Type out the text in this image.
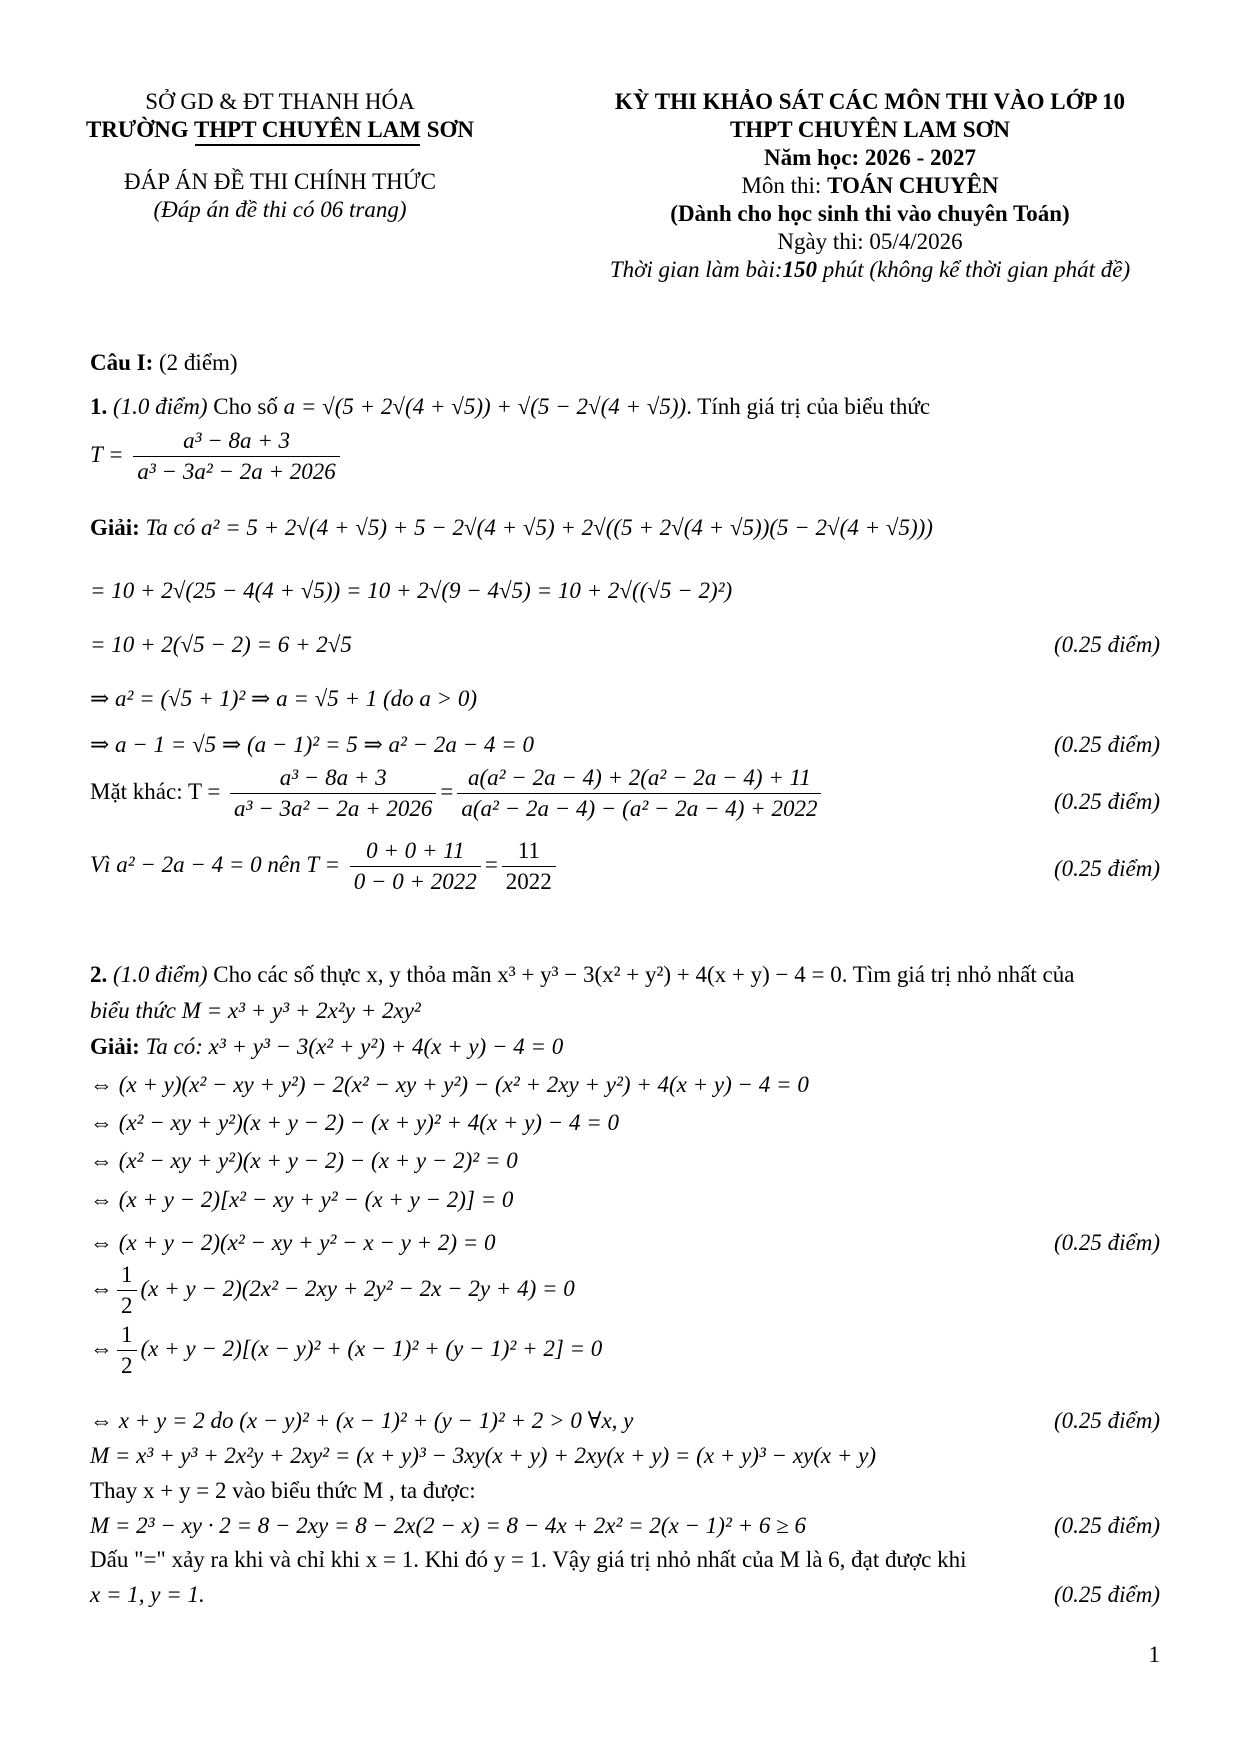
SỞ GD & ĐT THANH HÓA
TRƯỜNG THPT CHUYÊN LAM SƠN
ĐÁP ÁN ĐỀ THI CHÍNH THỨC
(Đáp án đề thi có 06 trang)
KỲ THI KHẢO SÁT CÁC MÔN THI VÀO LỚP 10
THPT CHUYÊN LAM SƠN
Năm học: 2026 - 2027
Môn thi: TOÁN CHUYÊN
(Dành cho học sinh thi vào chuyên Toán)
Ngày thi: 05/4/2026
Thời gian làm bài:150 phút (không kể thời gian phát đề)
Câu I: (2 điểm)
1. (1.0 điểm) Cho số a = √(5 + 2√(4 + √5)) + √(5 − 2√(4 + √5)). Tính giá trị của biểu thức
$T = \frac{\text{a³ − 8a + 3}}{\text{a³ − 3a² − 2a + 2026}}$
Giải: Ta có a² = 5 + 2√(4 + √5) + 5 − 2√(4 + √5) + 2√((5 + 2√(4 + √5))(5 − 2√(4 + √5)))
= 10 + 2√(25 − 4(4 + √5)) = 10 + 2√(9 − 4√5) = 10 + 2√((√5 − 2)²)
= 10 + 2(√5 − 2) = 6 + 2√5	(0.25 điểm)
⇒ a² = (√5 + 1)² ⇒ a = √5 + 1 (do a > 0)
⇒ a − 1 = √5 ⇒ (a − 1)² = 5 ⇒ a² − 2a − 4 = 0	(0.25 điểm)
Mặt khác: $T = \frac{\text{a³ − 8a + 3}}{\text{a³ − 3a² − 2a + 2026}} = \frac{\text{a(a² − 2a − 4) + 2(a² − 2a − 4) + 11}}{\text{a(a² − 2a − 4) − (a² − 2a − 4) + 2022}}$	(0.25 điểm)
Vì a² − 2a − 4 = 0 nên $T = \frac{0 + 0 + 11}{0 - 0 + 2022} = \frac{11}{2022}$	(0.25 điểm)
2. (1.0 điểm) Cho các số thực x, y thỏa mãn x³ + y³ − 3(x² + y²) + 4(x + y) − 4 = 0. Tìm giá trị nhỏ nhất của
biểu thức M = x³ + y³ + 2x²y + 2xy²
Giải: Ta có: x³ + y³ − 3(x² + y²) + 4(x + y) − 4 = 0
⇔ (x + y)(x² − xy + y²) − 2(x² − xy + y²) − (x² + 2xy + y²) + 4(x + y) − 4 = 0
⇔ (x² − xy + y²)(x + y − 2) − (x + y)² + 4(x + y) − 4 = 0
⇔ (x² − xy + y²)(x + y − 2) − (x + y − 2)² = 0
⇔ (x + y − 2)[x² − xy + y² − (x + y − 2)] = 0
⇔ (x + y − 2)(x² − xy + y² − x − y + 2) = 0	(0.25 điểm)
⇔ $\frac{1}{2} (x + y - 2)(2x^2 - 2xy + 2y^2 - 2x - 2y + 4) = 0$
⇔ $\frac{1}{2} (x + y - 2)[(x - y)^2 + (x - 1)^2 + (y - 1)^2 + 2] = 0$
⇔ x + y = 2 do (x − y)² + (x − 1)² + (y − 1)² + 2 > 0 ∀x, y	(0.25 điểm)
M = x³ + y³ + 2x²y + 2xy² = (x + y)³ − 3xy(x + y) + 2xy(x + y) = (x + y)³ − xy(x + y)
Thay x + y = 2 vào biểu thức M , ta được:
M = 2³ − xy · 2 = 8 − 2xy = 8 − 2x(2 − x) = 8 − 4x + 2x² = 2(x − 1)² + 6 ≥ 6	(0.25 điểm)
Dấu "=" xảy ra khi và chỉ khi x = 1. Khi đó y = 1. Vậy giá trị nhỏ nhất của M là 6, đạt được khi
x = 1, y = 1.	(0.25 điểm)
1
